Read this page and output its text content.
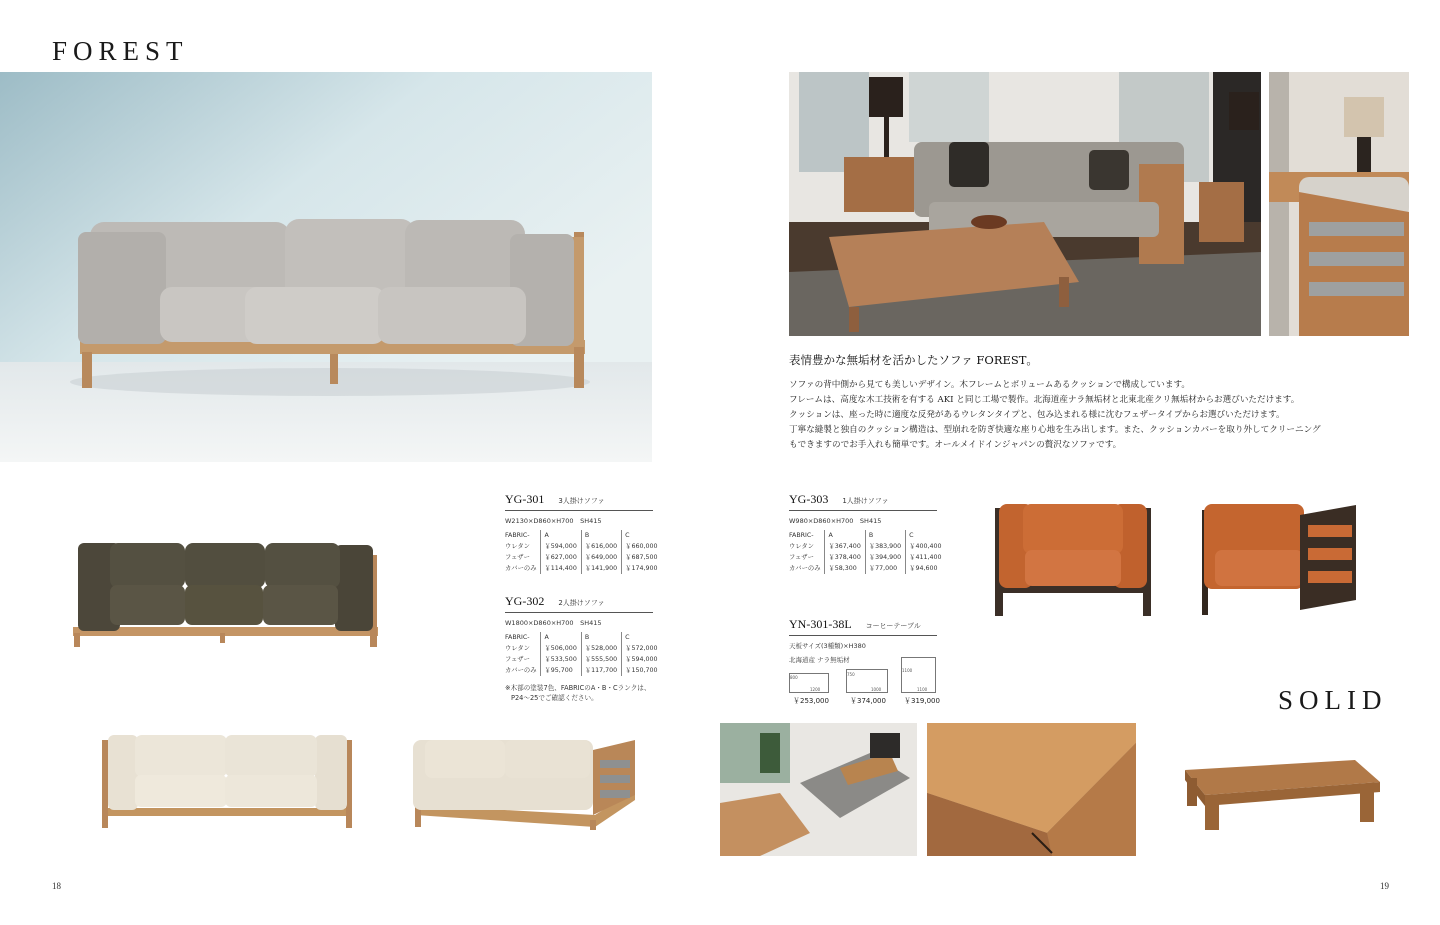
FOREST
SOLID
表情豊かな無垢材を活かしたソファ FOREST。
ソファの背中側から見ても美しいデザイン。木フレームとボリュームあるクッションで構成しています。
フレームは、高度な木工技術を有する AKI と同じ工場で製作。北海道産ナラ無垢材と北東北産クリ無垢材からお選びいただけます。
クッションは、座った時に適度な反発があるウレタンタイプと、包み込まれる様に沈むフェザータイプからお選びいただけます。
丁寧な縫製と独自のクッション構造は、型崩れを防ぎ快適な座り心地を生み出します。また、クッションカバーを取り外してクリーニング
もできますのでお手入れも簡単です。オールメイドインジャパンの贅沢なソファです。
YG-301 3人掛けソファ
W2130×D860×H700　SH415
FABRIC-	A	B	C
ウレタン	￥594,000	￥616,000	￥660,000
フェザー	￥627,000	￥649,000	￥687,500
カバーのみ	￥114,400	￥141,900	￥174,900
YG-302 2人掛けソファ
W1800×D860×H700　SH415
FABRIC-	A	B	C
ウレタン	￥506,000	￥528,000	￥572,000
フェザー	￥533,500	￥555,500	￥594,000
カバーのみ	￥95,700	￥117,700	￥150,700
※木部の塗装7色、FABRICのA・B・Cランクは、
P24～25でご確認ください。
YG-303 1人掛けソファ
W980×D860×H700　SH415
FABRIC-	A	B	C
ウレタン	￥367,400	￥383,900	￥400,400
フェザー	￥378,400	￥394,900	￥411,400
カバーのみ	￥58,300	￥77,000	￥94,600
YN-301-38L コーヒーテーブル
天板サイズ(3種類)×H380
北海道産 ナラ無垢材
1200
800
￥253,000
1000
750
￥374,000
1100
1100
￥319,000
18	19
